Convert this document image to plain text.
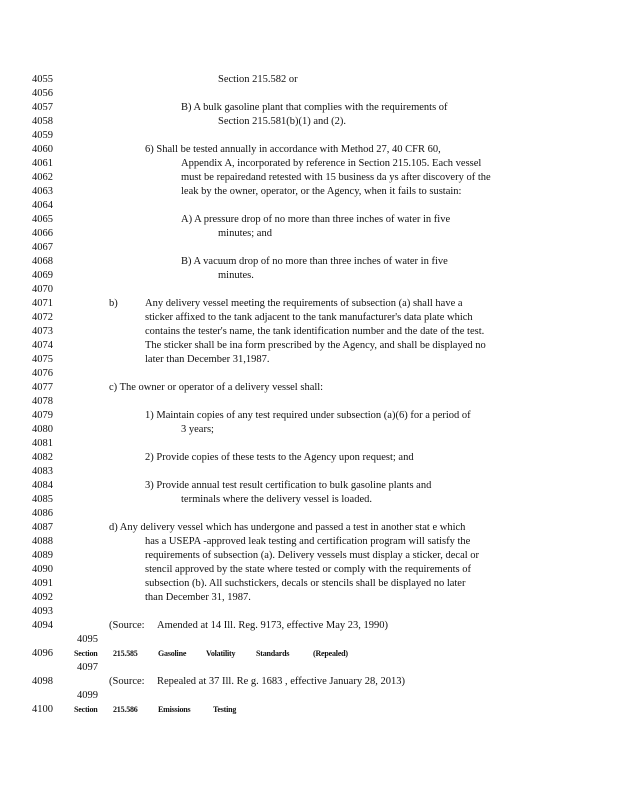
4055
4056
4057
4058
4059
4060
4061
4062
4063
4064
4065
4066
4067
4068
4069
4070
4071
4072
4073
4074
4075
4076
4077
4078
4079
4080
4081
4082
4083
4084
4085
4086
4087
4088
4089
4090
4091
4092
4093
4094
4095
4096
4097
4098
4099
4100
Section 215.582 or
B) A bulk gasoline plant that complies with the requirements of
Section 215.581(b)(1) and (2).
6) Shall be tested annually in accordance with Method 27, 40 CFR 60,
Appendix A, incorporated by reference in Section 215.105. Each vessel
must be repairedand retested with 15 business da ys after discovery of the
leak by the owner, operator, or the Agency, when it fails to sustain:
A) A pressure drop of no more than three inches of water in five
minutes; and
B) A vacuum drop of no more than three inches of water in five
minutes.
b)	Any delivery vessel meeting the requirements of subsection (a) shall have a
sticker affixed to the tank adjacent to the tank manufacturer's data plate which
contains the tester's name, the tank identification number and the date of the test.
The sticker shall be ina form prescribed by the Agency, and shall be displayed no
later than December 31,1987.
c) The owner or operator of a delivery vessel shall:
1) Maintain copies of any test required under subsection (a)(6) for a period of
3 years;
2) Provide copies of these tests to the Agency upon request; and
3) Provide annual test result certification to bulk gasoline plants and
terminals where the delivery vessel is loaded.
d) Any delivery vessel which has undergone and passed a test in another stat e which
has a USEPA -approved leak testing and certification program will satisfy the
requirements of subsection (a). Delivery vessels must display a sticker, decal or
stencil approved by the state where tested or comply with the requirements of
subsection (b). All suchstickers, decals or stencils shall be displayed no later
than December 31, 1987.
(Source: Amended at 14 Ill. Reg. 9173, effective May 23, 1990)
Section 215.585	Gasoline Volatility	Standards	(Repealed)
(Source: Repealed at 37 Ill. Re g. 1683 , effective January 28, 2013)
Section 215.586	Emissions	Testing
